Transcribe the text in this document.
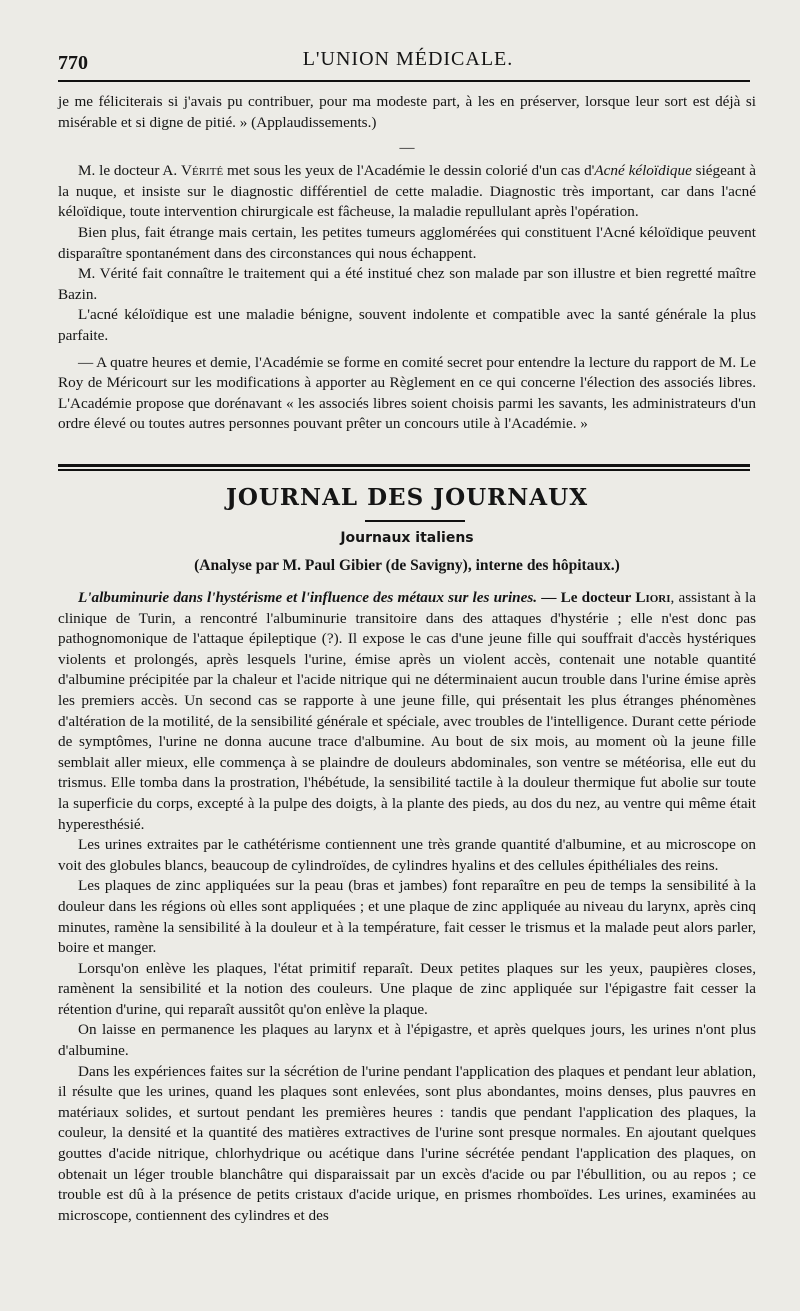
770	L'UNION MÉDICALE.

je me féliciterais si j'avais pu contribuer, pour ma modeste part, à les en préserver, lorsque leur sort est déjà si misérable et si digne de pitié. » (Applaudissements.)

—

M. le docteur A. Vérité met sous les yeux de l'Académie le dessin colorié d'un cas d'Acné kéloïdique siégeant à la nuque, et insiste sur le diagnostic différentiel de cette maladie. Diagnostic très important, car dans l'acné kéloïdique, toute intervention chirurgicale est fâcheuse, la maladie repullulant après l'opération.

Bien plus, fait étrange mais certain, les petites tumeurs agglomérées qui constituent l'Acné kéloïdique peuvent disparaître spontanément dans des circonstances qui nous échappent.

M. Vérité fait connaître le traitement qui a été institué chez son malade par son illustre et bien regretté maître Bazin.

L'acné kéloïdique est une maladie bénigne, souvent indolente et compatible avec la santé générale la plus parfaite.

— A quatre heures et demie, l'Académie se forme en comité secret pour entendre la lecture du rapport de M. Le Roy de Méricourt sur les modifications à apporter au Règlement en ce qui concerne l'élection des associés libres. L'Académie propose que dorénavant « les associés libres soient choisis parmi les savants, les administrateurs d'un ordre élevé ou toutes autres personnes pouvant prêter un concours utile à l'Académie. »

JOURNAL DES JOURNAUX
Journaux italiens
(Analyse par M. Paul Gibier (de Savigny), interne des hôpitaux.)

L'albuminurie dans l'hystérisme et l'influence des métaux sur les urines. — Le docteur Liori, assistant à la clinique de Turin, a rencontré l'albuminurie transitoire dans des attaques d'hystérie ; elle n'est donc pas pathognomonique de l'attaque épileptique (?). Il expose le cas d'une jeune fille qui souffrait d'accès hystériques violents et prolongés, après lesquels l'urine, émise après un violent accès, contenait une notable quantité d'albumine précipitée par la chaleur et l'acide nitrique qui ne déterminaient aucun trouble dans l'urine émise après les premiers accès. Un second cas se rapporte à une jeune fille, qui présentait les plus étranges phénomènes d'altération de la motilité, de la sensibilité générale et spéciale, avec troubles de l'intelligence. Durant cette période de symptômes, l'urine ne donna aucune trace d'albumine. Au bout de six mois, au moment où la jeune fille semblait aller mieux, elle commença à se plaindre de douleurs abdominales, son ventre se météorisa, elle eut du trismus. Elle tomba dans la prostration, l'hébétude, la sensibilité tactile à la douleur thermique fut abolie sur toute la superficie du corps, excepté à la pulpe des doigts, à la plante des pieds, au dos du nez, au ventre qui même était hyperesthésié.

Les urines extraites par le cathétérisme contiennent une très grande quantité d'albumine, et au microscope on voit des globules blancs, beaucoup de cylindroïdes, de cylindres hyalins et des cellules épithéliales des reins.

Les plaques de zinc appliquées sur la peau (bras et jambes) font reparaître en peu de temps la sensibilité à la douleur dans les régions où elles sont appliquées ; et une plaque de zinc appliquée au niveau du larynx, après cinq minutes, ramène la sensibilité à la douleur et à la température, fait cesser le trismus et la malade peut alors parler, boire et manger.

Lorsqu'on enlève les plaques, l'état primitif reparaît. Deux petites plaques sur les yeux, paupières closes, ramènent la sensibilité et la notion des couleurs. Une plaque de zinc appliquée sur l'épigastre fait cesser la rétention d'urine, qui reparaît aussitôt qu'on enlève la plaque.

On laisse en permanence les plaques au larynx et à l'épigastre, et après quelques jours, les urines n'ont plus d'albumine.

Dans les expériences faites sur la sécrétion de l'urine pendant l'application des plaques et pendant leur ablation, il résulte que les urines, quand les plaques sont enlevées, sont plus abondantes, moins denses, plus pauvres en matériaux solides, et surtout pendant les premières heures : tandis que pendant l'application des plaques, la couleur, la densité et la quantité des matières extractives de l'urine sont presque normales. En ajoutant quelques gouttes d'acide nitrique, chlorhydrique ou acétique dans l'urine sécrétée pendant l'application des plaques, on obtenait un léger trouble blanchâtre qui disparaissait par un excès d'acide ou par l'ébullition, ou au repos ; ce trouble est dû à la présence de petits cristaux d'acide urique, en prismes rhomboïdes. Les urines, examinées au microscope, contiennent des cylindres et des
